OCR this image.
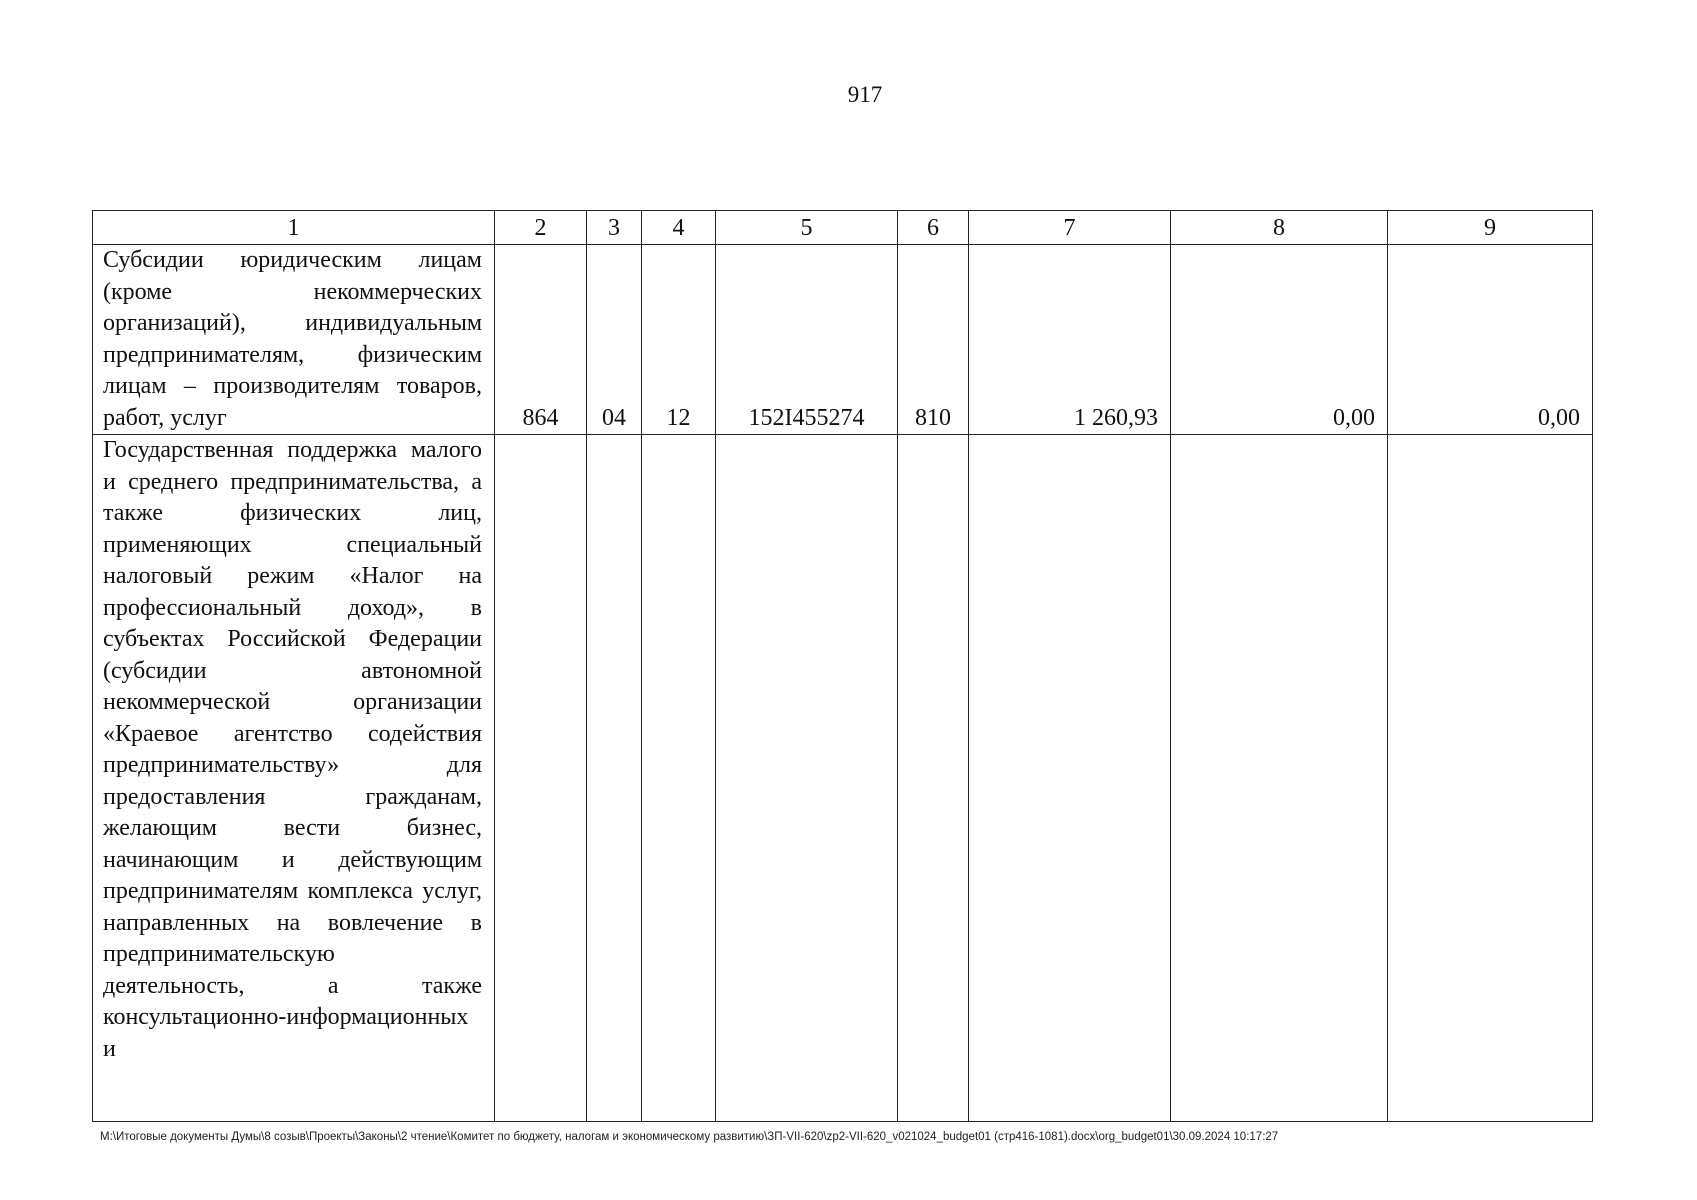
917
1	2	3	4	5	6	7	8	9
Субсидии юридическим лицам (кроме некоммерческих организаций), индивидуальным предпринимателям, физическим лицам – производителям товаров, работ, услуг	864	04	12	152I455274	810	1 260,93	0,00	0,00
Государственная поддержка малого и среднего предпринимательства, а также физических лиц, применяющих специальный налоговый режим «Налог на профессиональный доход», в субъектах Российской Федерации (субсидии автономной некоммерческой организации «Краевое агентство содействия предпринимательству» для предоставления гражданам, желающим вести бизнес, начинающим и действующим предпринимателям комплекса услуг, направленных на вовлечение в предпринимательскую деятельность, а также консультационно-информационных и								
M:\Итоговые документы Думы\8 созыв\Проекты\Законы\2 чтение\Комитет по бюджету, налогам и экономическому развитию\ЗП-VII-620\zp2-VII-620_v021024_budget01 (стр416-1081).docx\org_budget01\30.09.2024 10:17:27
